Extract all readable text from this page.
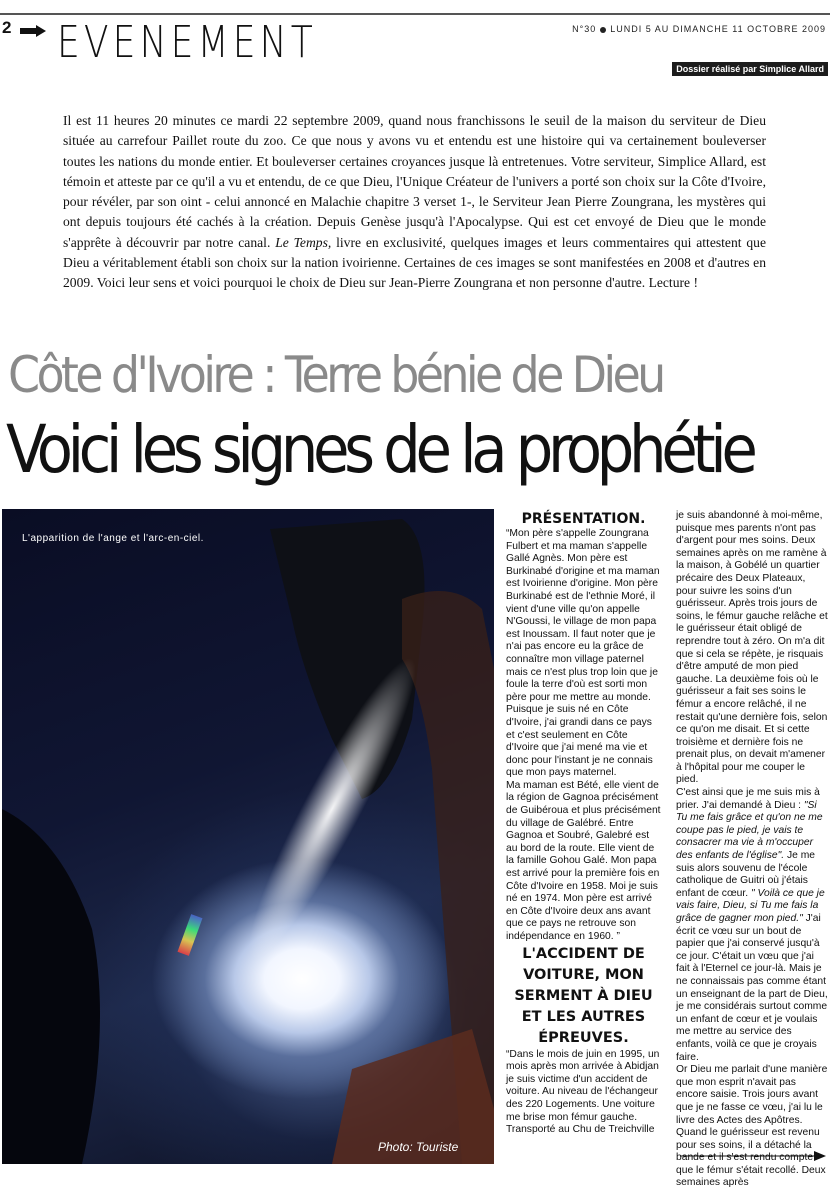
2 EVENEMENT	N°30 LUNDI 5 AU DIMANCHE 11 OCTOBRE 2009
Dossier réalisé par Simplice Allard

Il est 11 heures 20 minutes ce mardi 22 septembre 2009, quand nous franchissons le seuil de la maison du serviteur de Dieu située au carrefour Paillet route du zoo. Ce que nous y avons vu et entendu est une histoire qui va certainement bouleverser toutes les nations du monde entier. Et bouleverser certaines croyances jusque là entretenues. Votre serviteur, Simplice Allard, est témoin et atteste par ce qu'il a vu et entendu, de ce que Dieu, l'Unique Créateur de l'univers a porté son choix sur la Côte d'Ivoire, pour révéler, par son oint - celui annoncé en Malachie chapitre 3 verset 1-, le Serviteur Jean Pierre Zoungrana, les mystères qui ont depuis toujours été cachés à la création. Depuis Genèse jusqu'à l'Apocalypse. Qui est cet envoyé de Dieu que le monde s'apprête à découvrir par notre canal. Le Temps, livre en exclusivité, quelques images et leurs commentaires qui attestent que Dieu a véritablement établi son choix sur la nation ivoirienne. Certaines de ces images se sont manifestées en 2008 et d'autres en 2009. Voici leur sens et voici pourquoi le choix de Dieu sur Jean-Pierre Zoungrana et non personne d'autre. Lecture !

Côte d'Ivoire : Terre bénie de Dieu
Voici les signes de la prophétie
L'apparition de l'ange et l'arc-en-ciel.
Photo: Touriste

PRÉSENTATION.

“Mon père s'appelle Zoungrana Fulbert et ma maman s'appelle Gallé Agnès. Mon père est Burkinabé d'origine et ma maman est Ivoirienne d'origine. Mon père Burkinabé est de l'ethnie Moré, il vient d'une ville qu'on appelle N'Goussi, le village de mon papa est Inoussam. Il faut noter que je n'ai pas encore eu la grâce de connaître mon village paternel mais ce n'est plus trop loin que je foule la terre d'où est sorti mon père pour me mettre au monde. Puisque je suis né en Côte d'Ivoire, j'ai grandi dans ce pays et c'est seulement en Côte d'Ivoire que j'ai mené ma vie et donc pour l'instant je ne connais que mon pays maternel.

Ma maman est Bété, elle vient de la région de Gagnoa précisément de Guibéroua et plus précisément du village de Galébré. Entre Gagnoa et Soubré, Galebré est au bord de la route. Elle vient de la famille Gohou Galé. Mon papa est arrivé pour la première fois en Côte d'Ivoire en 1958. Moi je suis né en 1974. Mon père est arrivé en Côte d'Ivoire deux ans avant que ce pays ne retrouve son indépendance en 1960. ”

L'ACCIDENT DE VOITURE, MON SERMENT À DIEU ET LES AUTRES ÉPREUVES.

“Dans le mois de juin en 1995, un mois après mon arrivée à Abidjan je suis victime d'un accident de voiture. Au niveau de l'échangeur des 220 Logements. Une voiture me brise mon fémur gauche. Transporté au Chu de Treichville

je suis abandonné à moi-même, puisque mes parents n'ont pas d'argent pour mes soins. Deux semaines après on me ramène à la maison, à Gobélé un quartier précaire des Deux Plateaux, pour suivre les soins d'un guérisseur. Après trois jours de soins, le fémur gauche relâche et le guérisseur était obligé de reprendre tout à zéro. On m'a dit que si cela se répète, je risquais d'être amputé de mon pied gauche. La deuxième fois où le guérisseur a fait ses soins le fémur a encore relâché, il ne restait qu'une dernière fois, selon ce qu'on me disait. Et si cette troisième et dernière fois ne prenait plus, on devait m'amener à l'hôpital pour me couper le pied.

C'est ainsi que je me suis mis à prier. J'ai demandé à Dieu : "Si Tu me fais grâce et qu'on ne me coupe pas le pied, je vais te consacrer ma vie à m'occuper des enfants de l'église". Je me suis alors souvenu de l'école catholique de Guitri où j'étais enfant de cœur. " Voilà ce que je vais faire, Dieu, si Tu me fais la grâce de gagner mon pied." J'ai écrit ce vœu sur un bout de papier que j'ai conservé jusqu'à ce jour. C'était un vœu que j'ai fait à l'Eternel ce jour-là. Mais je ne connaissais pas comme étant un enseignant de la part de Dieu, je me considérais surtout comme un enfant de cœur et je voulais me mettre au service des enfants, voilà ce que je croyais faire.

Or Dieu me parlait d'une manière que mon esprit n'avait pas encore saisie. Trois jours avant que je ne fasse ce vœu, j'ai lu le livre des Actes des Apôtres. Quand le guérisseur est revenu pour ses soins, il a détaché la bande et il s'est rendu compte que le fémur s'était recollé. Deux semaines après
